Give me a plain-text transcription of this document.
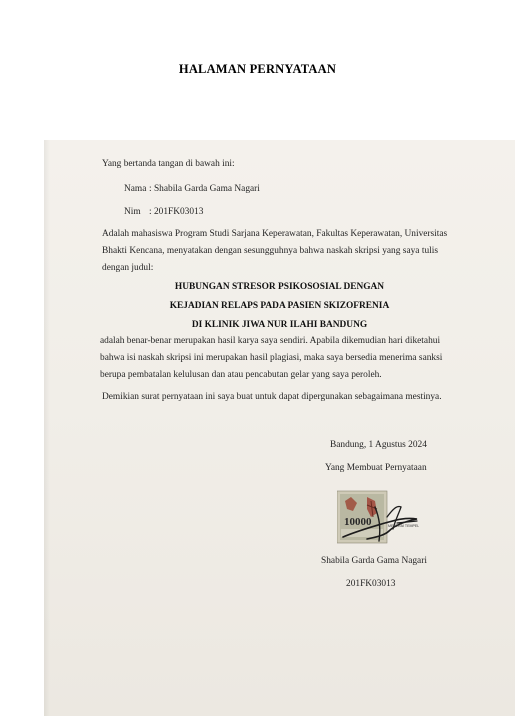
HALAMAN PERNYATAAN
Yang bertanda tangan di bawah ini:
Nama : Shabila Garda Gama Nagari
Nim : 201FK03013
Adalah mahasiswa Program Studi Sarjana Keperawatan, Fakultas Keperawatan, Universitas
Bhakti Kencana, menyatakan dengan sesungguhnya bahwa naskah skripsi yang saya tulis
dengan judul:
HUBUNGAN STRESOR PSIKOSOSIAL DENGAN
KEJADIAN RELAPS PADA PASIEN SKIZOFRENIA
DI KLINIK JIWA NUR ILAHI BANDUNG
adalah benar-benar merupakan hasil karya saya sendiri. Apabila dikemudian hari diketahui
bahwa isi naskah skripsi ini merupakan hasil plagiasi, maka saya bersedia menerima sanksi
berupa pembatalan kelulusan dan atau pencabutan gelar yang saya peroleh.
Demikian surat pernyataan ini saya buat untuk dapat dipergunakan sebagaimana mestinya.
Bandung, 1 Agustus 2024
Yang Membuat Pernyataan
10000	METERAI TEMPEL
Shabila Garda Gama Nagari
201FK03013
